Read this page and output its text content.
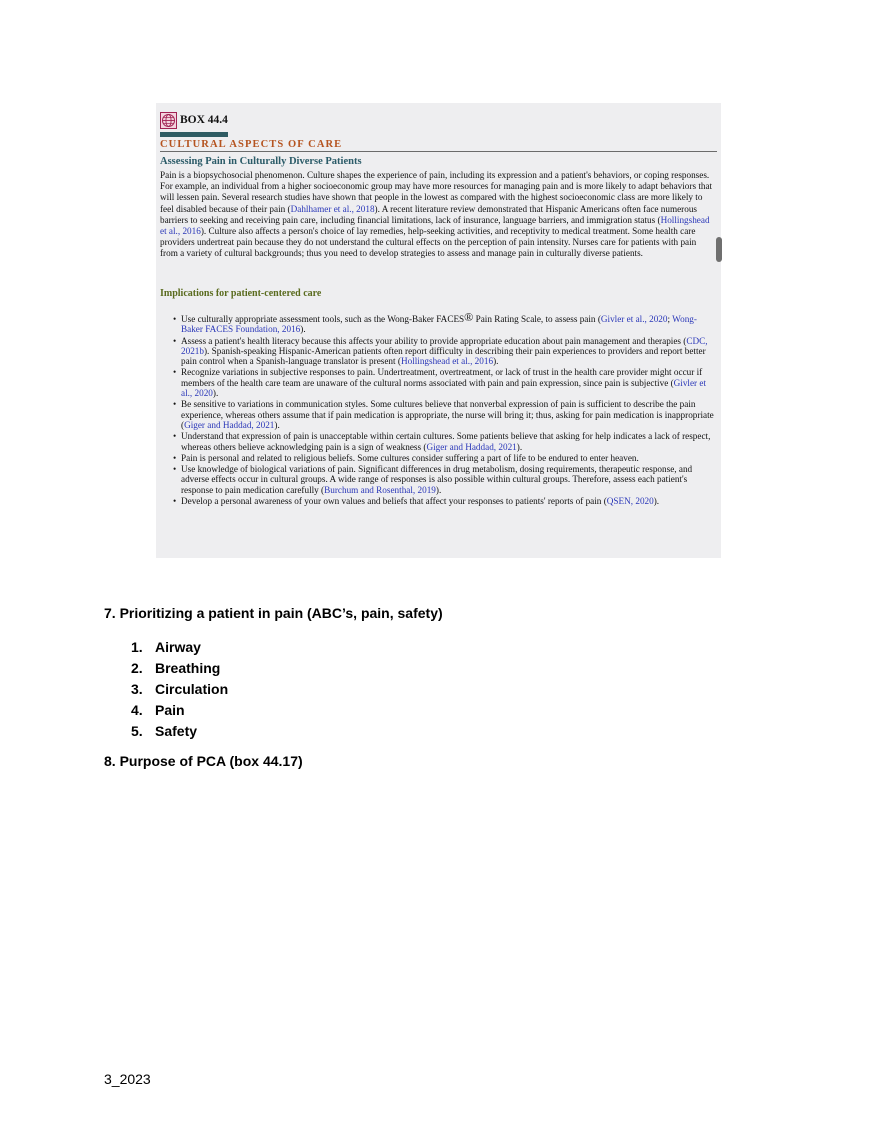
BOX 44.4
CULTURAL ASPECTS OF CARE
Assessing Pain in Culturally Diverse Patients
Pain is a biopsychosocial phenomenon. Culture shapes the experience of pain, including its expression and a patient's behaviors, or coping responses. For example, an individual from a higher socioeconomic group may have more resources for managing pain and is more likely to adapt behaviors that will lessen pain. Several research studies have shown that people in the lowest as compared with the highest socioeconomic class are more likely to feel disabled because of their pain (Dahlhamer et al., 2018). A recent literature review demonstrated that Hispanic Americans often face numerous barriers to seeking and receiving pain care, including financial limitations, lack of insurance, language barriers, and immigration status (Hollingshead et al., 2016). Culture also affects a person's choice of lay remedies, help-seeking activities, and receptivity to medical treatment. Some health care providers undertreat pain because they do not understand the cultural effects on the perception of pain intensity. Nurses care for patients with pain from a variety of cultural backgrounds; thus you need to develop strategies to assess and manage pain in culturally diverse patients.
Implications for patient-centered care
• Use culturally appropriate assessment tools, such as the Wong-Baker FACES® Pain Rating Scale, to assess pain (Givler et al., 2020; Wong-Baker FACES Foundation, 2016).
• Assess a patient's health literacy because this affects your ability to provide appropriate education about pain management and therapies (CDC, 2021b). Spanish-speaking Hispanic-American patients often report difficulty in describing their pain experiences to providers and report better pain control when a Spanish-language translator is present (Hollingshead et al., 2016).
• Recognize variations in subjective responses to pain. Undertreatment, overtreatment, or lack of trust in the health care provider might occur if members of the health care team are unaware of the cultural norms associated with pain and pain expression, since pain is subjective (Givler et al., 2020).
• Be sensitive to variations in communication styles. Some cultures believe that nonverbal expression of pain is sufficient to describe the pain experience, whereas others assume that if pain medication is appropriate, the nurse will bring it; thus, asking for pain medication is inappropriate (Giger and Haddad, 2021).
• Understand that expression of pain is unacceptable within certain cultures. Some patients believe that asking for help indicates a lack of respect, whereas others believe acknowledging pain is a sign of weakness (Giger and Haddad, 2021).
• Pain is personal and related to religious beliefs. Some cultures consider suffering a part of life to be endured to enter heaven.
• Use knowledge of biological variations of pain. Significant differences in drug metabolism, dosing requirements, therapeutic response, and adverse effects occur in cultural groups. A wide range of responses is also possible within cultural groups. Therefore, assess each patient's response to pain medication carefully (Burchum and Rosenthal, 2019).
• Develop a personal awareness of your own values and beliefs that affect your responses to patients' reports of pain (QSEN, 2020).
7. Prioritizing a patient in pain (ABC’s, pain, safety)
1. Airway
2. Breathing
3. Circulation
4. Pain
5. Safety
8. Purpose of PCA (box 44.17)
3_2023
